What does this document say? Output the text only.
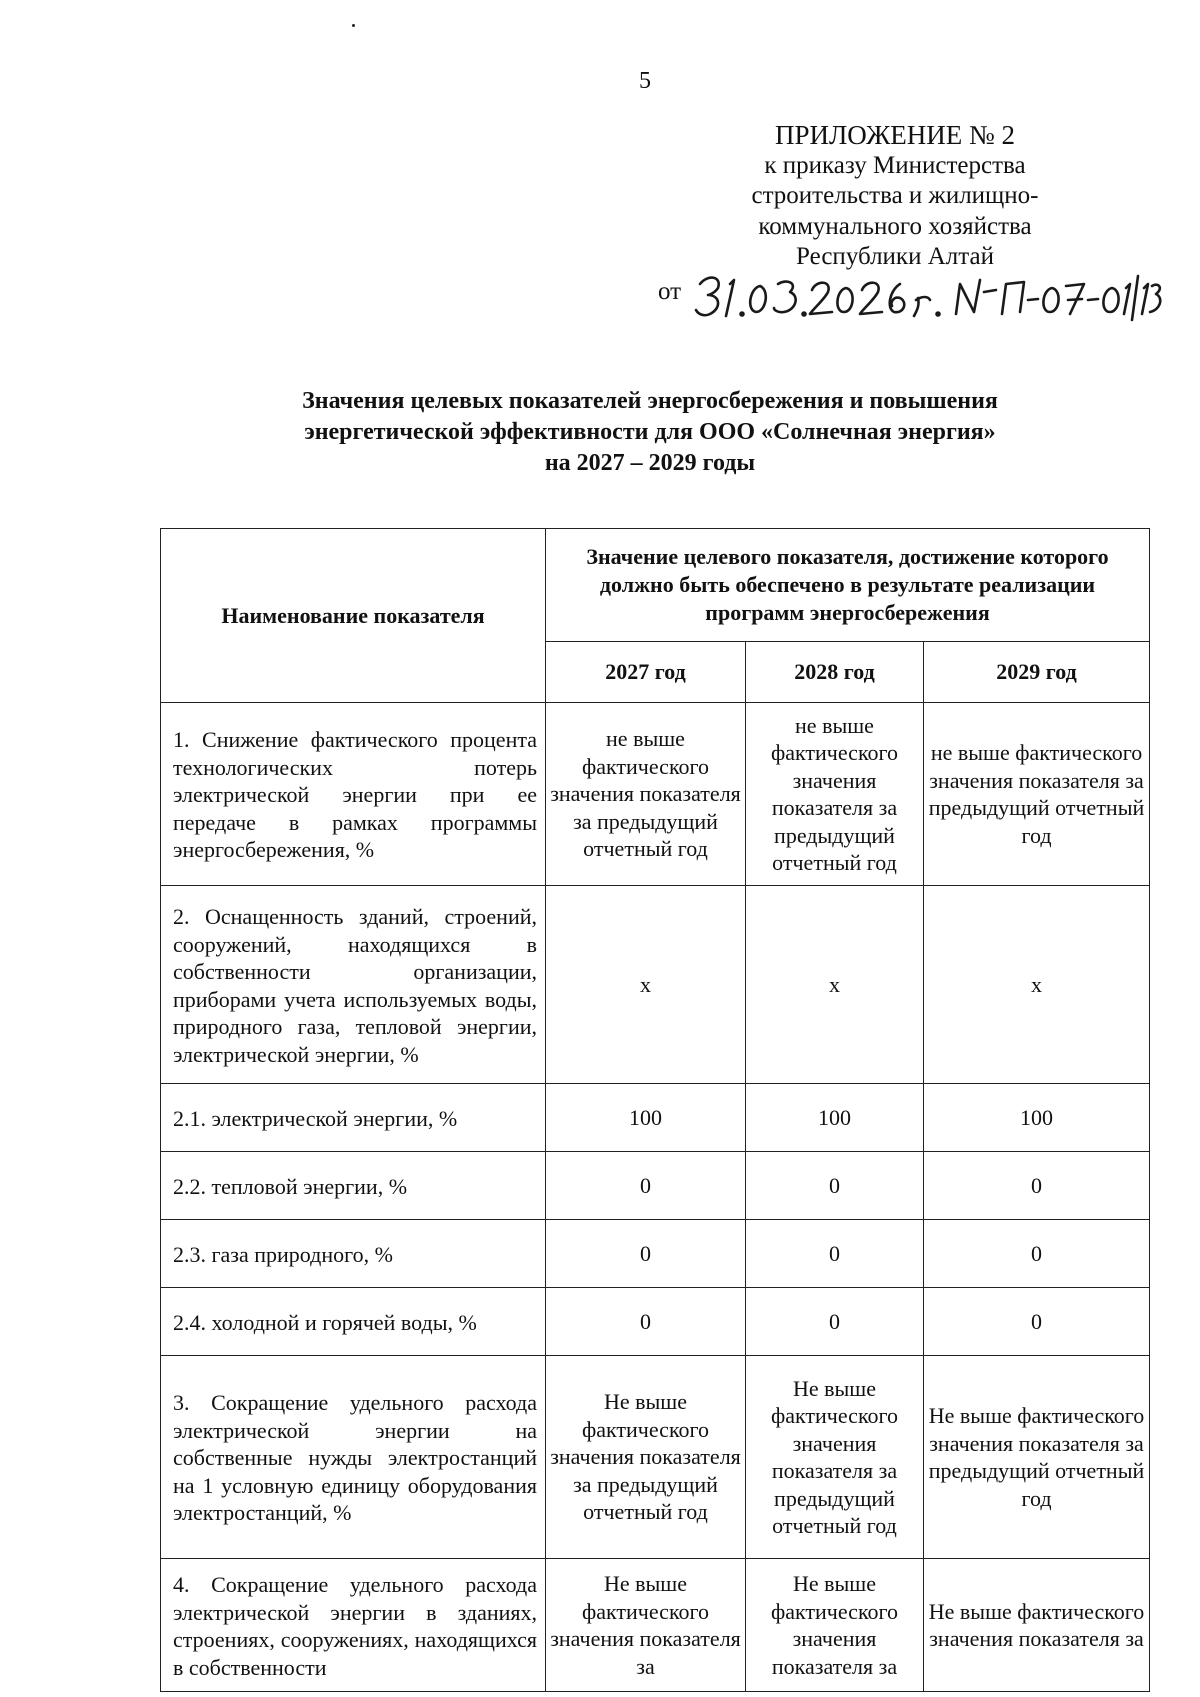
5
ПРИЛОЖЕНИЕ № 2
к приказу Министерства
строительства и жилищно-
коммунального хозяйства
Республики Алтай
от
Значения целевых показателей энергосбережения и повышения
энергетической эффективности для ООО «Солнечная энергия»
на 2027 – 2029 годы
Наименование показателя	Значение целевого показателя, достижение которого должно быть обеспечено в результате реализации программ энергосбережения		
	2027 год	2028 год	2029 год
1. Снижение фактического процента технологических потерь электрической энергии при ее передаче в рамках программы энергосбережения, %	не выше фактического значения показателя за предыдущий отчетный год	не выше фактического значения показателя за предыдущий отчетный год	не выше фактического значения показателя за предыдущий отчетный год
2. Оснащенность зданий, строений, сооружений, находящихся в собственности организации, приборами учета используемых воды, природного газа, тепловой энергии, электрической энергии, %	х	х	х
2.1. электрической энергии, %	100	100	100
2.2. тепловой энергии, %	0	0	0
2.3. газа природного, %	0	0	0
2.4. холодной и горячей воды, %	0	0	0
3. Сокращение удельного расхода электрической энергии на собственные нужды электростанций на 1 условную единицу оборудования электростанций, %	Не выше фактического значения показателя за предыдущий отчетный год	Не выше фактического значения показателя за предыдущий отчетный год	Не выше фактического значения показателя за предыдущий отчетный год
4. Сокращение удельного расхода электрической энергии в зданиях, строениях, сооружениях, находящихся в собственности	Не выше фактического значения показателя за	Не выше фактического значения показателя за	Не выше фактического значения показателя за
